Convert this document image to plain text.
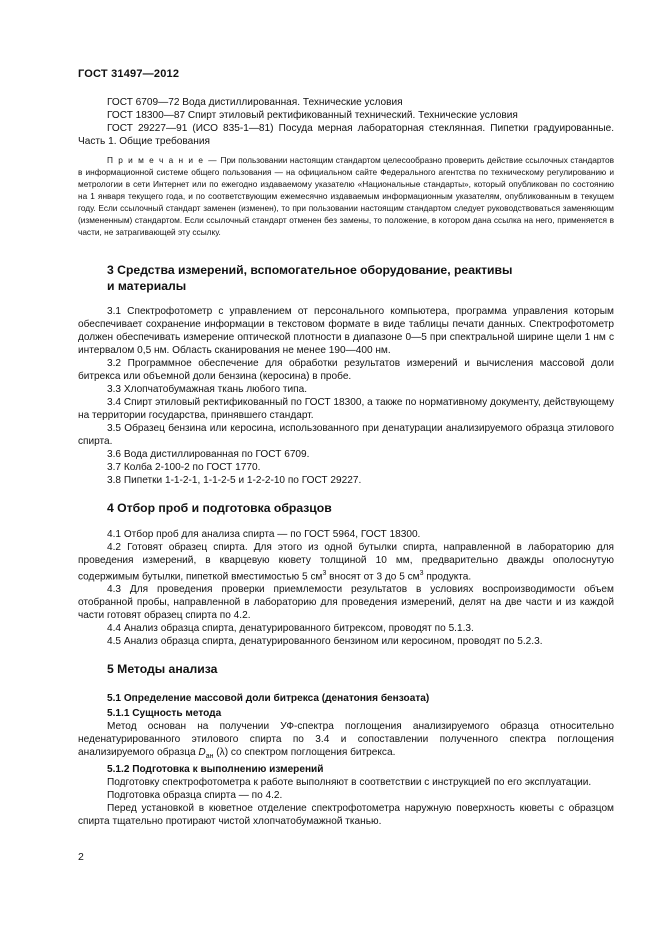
ГОСТ 31497—2012

ГОСТ 6709—72 Вода дистиллированная. Технические условия

ГОСТ 18300—87 Спирт этиловый ректификованный технический. Технические условия

ГОСТ 29227—91 (ИСО 835-1—81) Посуда мерная лабораторная стеклянная. Пипетки градуированные. Часть 1. Общие требования

П р и м е ч а н и е — При пользовании настоящим стандартом целесообразно проверить действие ссылочных стандартов в информационной системе общего пользования — на официальном сайте Федерального агентства по техническому регулированию и метрологии в сети Интернет или по ежегодно издаваемому указателю «Национальные стандарты», который опубликован по состоянию на 1 января текущего года, и по соответствующим ежемесячно издаваемым информационным указателям, опубликованным в текущем году. Если ссылочный стандарт заменен (изменен), то при пользовании настоящим стандартом следует руководствоваться заменяющим (измененным) стандартом. Если ссылочный стандарт отменен без замены, то положение, в котором дана ссылка на него, применяется в части, не затрагивающей эту ссылку.

3 Средства измерений, вспомогательное оборудование, реактивы
и материалы

3.1 Спектрофотометр с управлением от персонального компьютера, программа управления которым обеспечивает сохранение информации в текстовом формате в виде таблицы печати данных. Спектрофотометр должен обеспечивать измерение оптической плотности в диапазоне 0—5 при спектральной ширине щели 1 нм с интервалом 0,5 нм. Область сканирования не менее 190—400 нм.

3.2 Программное обеспечение для обработки результатов измерений и вычисления массовой доли битрекса или объемной доли бензина (керосина) в пробе.

3.3 Хлопчатобумажная ткань любого типа.

3.4 Спирт этиловый ректификованный по ГОСТ 18300, а также по нормативному документу, действующему на территории государства, принявшего стандарт.

3.5 Образец бензина или керосина, использованного при денатурации анализируемого образца этилового спирта.

3.6 Вода дистиллированная по ГОСТ 6709.

3.7 Колба 2-100-2 по ГОСТ 1770.

3.8 Пипетки 1-1-2-1, 1-1-2-5 и 1-2-2-10 по ГОСТ 29227.

4 Отбор проб и подготовка образцов

4.1 Отбор проб для анализа спирта — по ГОСТ 5964, ГОСТ 18300.

4.2 Готовят образец спирта. Для этого из одной бутылки спирта, направленной в лабораторию для проведения измерений, в кварцевую кювету толщиной 10 мм, предварительно дважды ополоснутую содержимым бутылки, пипеткой вместимостью 5 $см^3$ вносят от 3 до 5 $см^3$ продукта.

4.3 Для проведения проверки приемлемости результатов в условиях воспроизводимости объем отобранной пробы, направленной в лабораторию для проведения измерений, делят на две части и из каждой части готовят образец спирта по 4.2.

4.4 Анализ образца спирта, денатурированного битрексом, проводят по 5.1.3.

4.5 Анализ образца спирта, денатурированного бензином или керосином, проводят по 5.2.3.

5 Методы анализа

5.1 Определение массовой доли битрекса (денатония бензоата)

5.1.1 Сущность метода

Метод основан на получении УФ-спектра поглощения анализируемого образца относительно неденатурированного этилового спирта по 3.4 и сопоставлении полученного спектра поглощения анализируемого образца $D_{ан}$ (λ) со спектром поглощения битрекса.

5.1.2 Подготовка к выполнению измерений

Подготовку спектрофотометра к работе выполняют в соответствии с инструкцией по его эксплуатации.

Подготовка образца спирта — по 4.2.

Перед установкой в кюветное отделение спектрофотометра наружную поверхность кюветы с образцом спирта тщательно протирают чистой хлопчатобумажной тканью.

2
